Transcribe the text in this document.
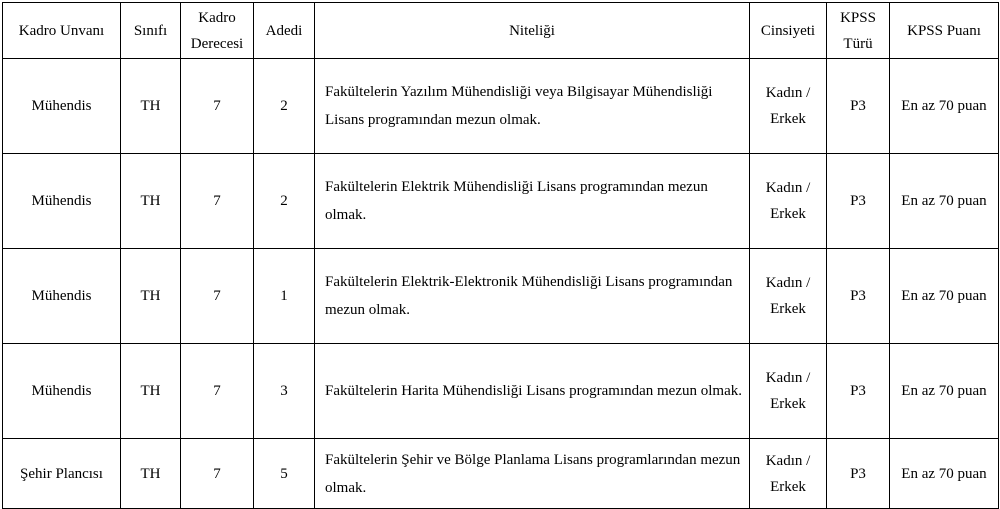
Kadro Unvanı	Sınıfı	Kadro Derecesi	Adedi	Niteliği	Cinsiyeti	KPSS Türü	KPSS Puanı
Mühendis	TH	7	2	Fakültelerin Yazılım Mühendisliği veya Bilgisayar Mühendisliği Lisans programından mezun olmak.	Kadın / Erkek	P3	En az 70 puan
Mühendis	TH	7	2	Fakültelerin Elektrik Mühendisliği Lisans programından mezun olmak.	Kadın / Erkek	P3	En az 70 puan
Mühendis	TH	7	1	Fakültelerin Elektrik-Elektronik Mühendisliği Lisans programından mezun olmak.	Kadın / Erkek	P3	En az 70 puan
Mühendis	TH	7	3	Fakültelerin Harita Mühendisliği Lisans programından mezun olmak.	Kadın / Erkek	P3	En az 70 puan
Şehir Plancısı	TH	7	5	Fakültelerin Şehir ve Bölge Planlama Lisans programlarından mezun olmak.	Kadın / Erkek	P3	En az 70 puan
